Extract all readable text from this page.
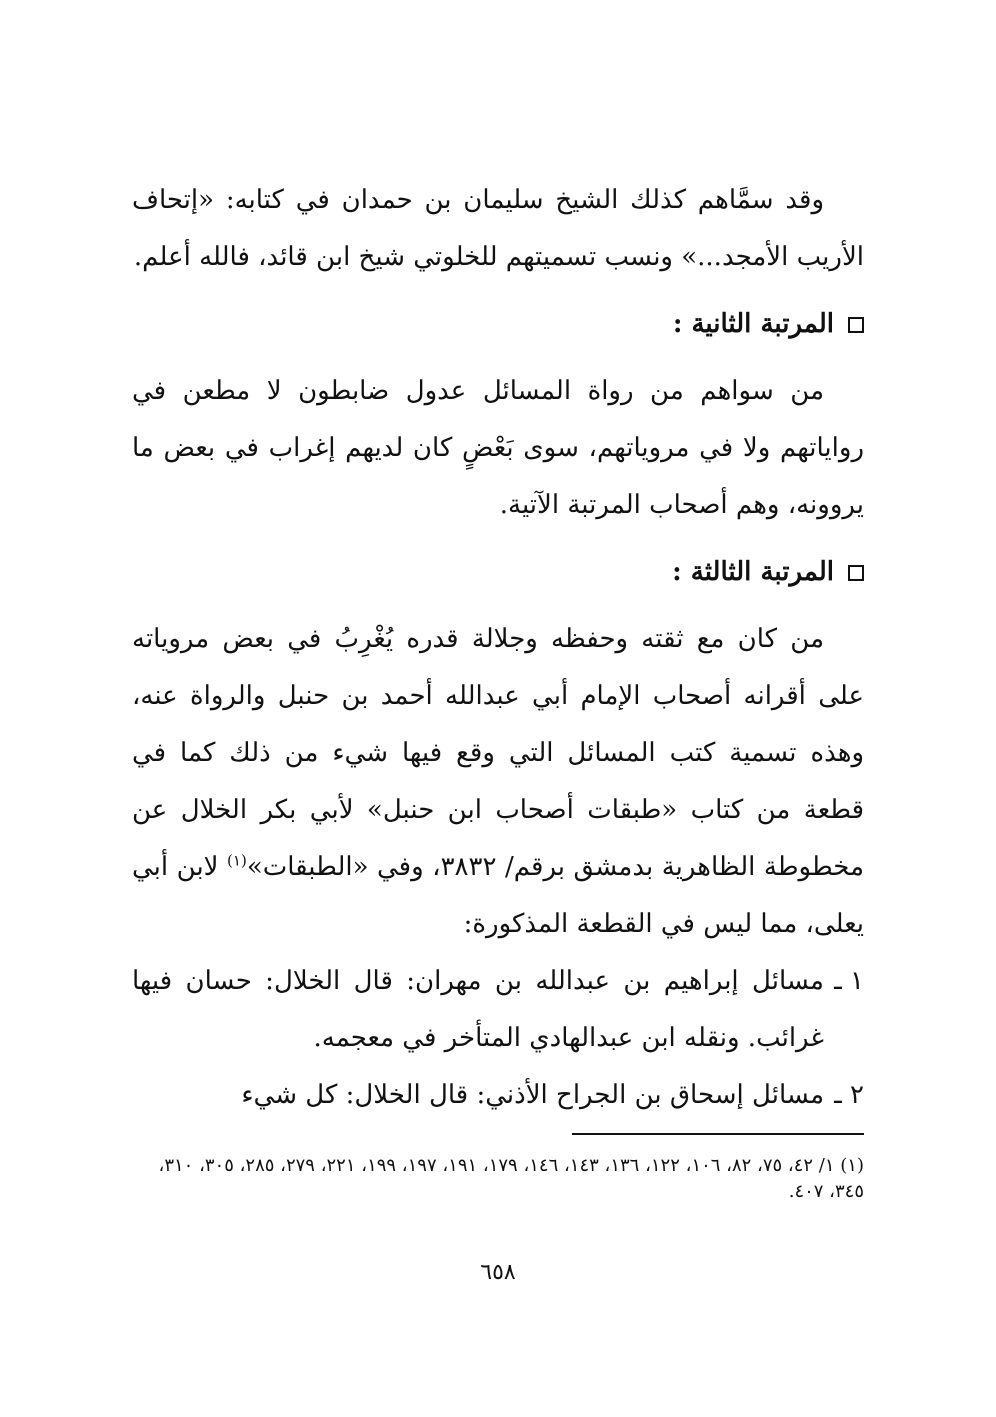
وقد سمَّاهم كذلك الشيخ سليمان بن حمدان في كتابه: «إتحاف الأريب الأمجد...» ونسب تسميتهم للخلوتي شيخ ابن قائد، فالله أعلم.

المرتبة الثانية :

من سواهم من رواة المسائل عدول ضابطون لا مطعن في رواياتهم ولا في مروياتهم، سوى بَعْضٍ كان لديهم إغراب في بعض ما يروونه، وهم أصحاب المرتبة الآتية.

المرتبة الثالثة :

من كان مع ثقته وحفظه وجلالة قدره يُغْرِبُ في بعض مروياته على أقرانه أصحاب الإمام أبي عبدالله أحمد بن حنبل والرواة عنه، وهذه تسمية كتب المسائل التي وقع فيها شيء من ذلك كما في قطعة من كتاب «طبقات أصحاب ابن حنبل» لأبي بكر الخلال عن مخطوطة الظاهرية بدمشق برقم/ ٣٨٣٢، وفي «الطبقات»$^{(١)}$ لابن أبي يعلى، مما ليس في القطعة المذكورة:

١ ـ
مسائل إبراهيم بن عبدالله بن مهران: قال الخلال: حسان فيها غرائب. ونقله ابن عبدالهادي المتأخر في معجمه.
٢ ـ
مسائل إسحاق بن الجراح الأذني: قال الخلال: كل شيء

(١) ١/ ٤٢، ٧٥، ٨٢، ١٠٦، ١٢٢، ١٣٦، ١٤٣، ١٤٦، ١٧٩، ١٩١، ١٩٧، ١٩٩، ٢٢١، ٢٧٩، ٢٨٥، ٣٠٥، ٣١٠، ٣٤٥، ٤٠٧.

٦٥٨
